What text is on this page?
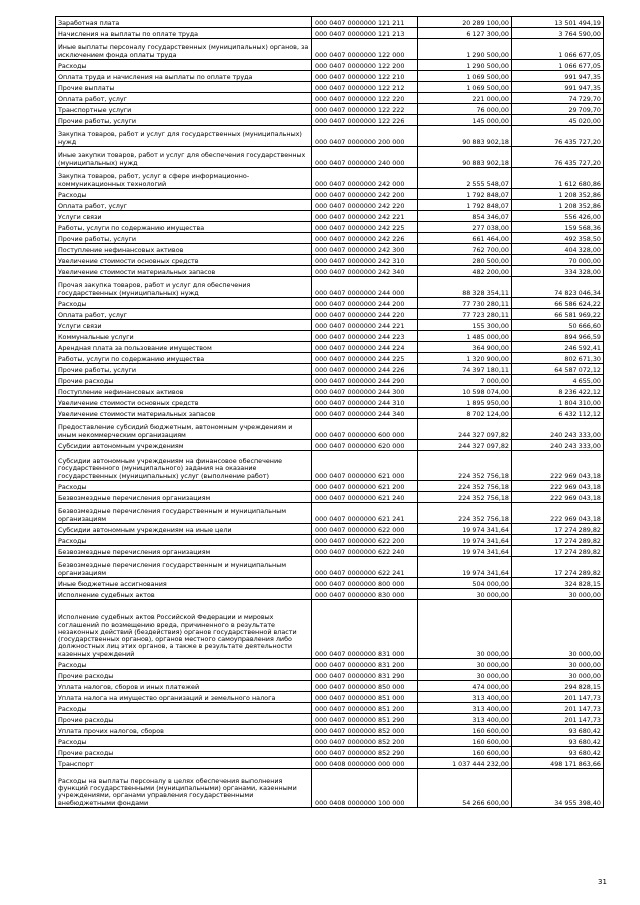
Заработная плата	000 0407 0000000 121 211	20 289 100,00	13 501 494,19
Начисления на выплаты по оплате труда	000 0407 0000000 121 213	6 127 300,00	3 764 590,00
Иные выплаты персоналу государственных (муниципальных) органов, за исключением фонда оплаты труда	000 0407 0000000 122 000	1 290 500,00	1 066 677,05
Расходы	000 0407 0000000 122 200	1 290 500,00	1 066 677,05
Оплата труда и начисления на выплаты по оплате труда	000 0407 0000000 122 210	1 069 500,00	991 947,35
Прочие выплаты	000 0407 0000000 122 212	1 069 500,00	991 947,35
Оплата работ, услуг	000 0407 0000000 122 220	221 000,00	74 729,70
Транспортные услуги	000 0407 0000000 122 222	76 000,00	29 709,70
Прочие работы, услуги	000 0407 0000000 122 226	145 000,00	45 020,00
Закупка товаров, работ и услуг для государственных (муниципальных) нужд	000 0407 0000000 200 000	90 883 902,18	76 435 727,20
Иные закупки товаров, работ и услуг для обеспечения государственных (муниципальных) нужд	000 0407 0000000 240 000	90 883 902,18	76 435 727,20
Закупка товаров, работ, услуг в сфере информационно-коммуникационных технологий	000 0407 0000000 242 000	2 555 548,07	1 612 680,86
Расходы	000 0407 0000000 242 200	1 792 848,07	1 208 352,86
Оплата работ, услуг	000 0407 0000000 242 220	1 792 848,07	1 208 352,86
Услуги связи	000 0407 0000000 242 221	854 346,07	556 426,00
Работы, услуги по содержанию имущества	000 0407 0000000 242 225	277 038,00	159 568,36
Прочие работы, услуги	000 0407 0000000 242 226	661 464,00	492 358,50
Поступление нефинансовых активов	000 0407 0000000 242 300	762 700,00	404 328,00
Увеличение стоимости основных средств	000 0407 0000000 242 310	280 500,00	70 000,00
Увеличение стоимости материальных запасов	000 0407 0000000 242 340	482 200,00	334 328,00
Прочая закупка товаров, работ и услуг для обеспечения государственных (муниципальных) нужд	000 0407 0000000 244 000	88 328 354,11	74 823 046,34
Расходы	000 0407 0000000 244 200	77 730 280,11	66 586 624,22
Оплата работ, услуг	000 0407 0000000 244 220	77 723 280,11	66 581 969,22
Услуги связи	000 0407 0000000 244 221	155 300,00	50 666,60
Коммунальные услуги	000 0407 0000000 244 223	1 485 000,00	894 966,59
Арендная плата за пользование имуществом	000 0407 0000000 244 224	364 900,00	246 592,41
Работы, услуги по содержанию имущества	000 0407 0000000 244 225	1 320 900,00	802 671,30
Прочие работы, услуги	000 0407 0000000 244 226	74 397 180,11	64 587 072,12
Прочие расходы	000 0407 0000000 244 290	7 000,00	4 655,00
Поступление нефинансовых активов	000 0407 0000000 244 300	10 598 074,00	8 236 422,12
Увеличение стоимости основных средств	000 0407 0000000 244 310	1 895 950,00	1 804 310,00
Увеличение стоимости материальных запасов	000 0407 0000000 244 340	8 702 124,00	6 432 112,12
Предоставление субсидий бюджетным, автономным учреждениям и иным некоммерческим организациям	000 0407 0000000 600 000	244 327 097,82	240 243 333,00
Субсидии автономным учреждениям	000 0407 0000000 620 000	244 327 097,82	240 243 333,00
Субсидии автономным учреждениям на финансовое обеспечение государственного (муниципального) задания на оказание государственных (муниципальных) услуг (выполнение работ)	000 0407 0000000 621 000	224 352 756,18	222 969 043,18
Расходы	000 0407 0000000 621 200	224 352 756,18	222 969 043,18
Безвозмездные перечисления организациям	000 0407 0000000 621 240	224 352 756,18	222 969 043,18
Безвозмездные перечисления государственным и муниципальным организациям	000 0407 0000000 621 241	224 352 756,18	222 969 043,18
Субсидии автономным учреждениям на иные цели	000 0407 0000000 622 000	19 974 341,64	17 274 289,82
Расходы	000 0407 0000000 622 200	19 974 341,64	17 274 289,82
Безвозмездные перечисления организациям	000 0407 0000000 622 240	19 974 341,64	17 274 289,82
Безвозмездные перечисления государственным и муниципальным организациям	000 0407 0000000 622 241	19 974 341,64	17 274 289,82
Иные бюджетные ассигнования	000 0407 0000000 800 000	504 000,00	324 828,15
Исполнение судебных актов	000 0407 0000000 830 000	30 000,00	30 000,00
Исполнение судебных актов Российской Федерации и мировых соглашений по возмещению вреда, причиненного в результате незаконных действий (бездействия) органов государственной власти (государственных органов), органов местного самоуправления либо должностных лиц этих органов, а также в результате деятельности казенных учреждений	000 0407 0000000 831 000	30 000,00	30 000,00
Расходы	000 0407 0000000 831 200	30 000,00	30 000,00
Прочие расходы	000 0407 0000000 831 290	30 000,00	30 000,00
Уплата налогов, сборов и иных платежей	000 0407 0000000 850 000	474 000,00	294 828,15
Уплата налога на имущество организаций и земельного налога	000 0407 0000000 851 000	313 400,00	201 147,73
Расходы	000 0407 0000000 851 200	313 400,00	201 147,73
Прочие расходы	000 0407 0000000 851 290	313 400,00	201 147,73
Уплата прочих налогов, сборов	000 0407 0000000 852 000	160 600,00	93 680,42
Расходы	000 0407 0000000 852 200	160 600,00	93 680,42
Прочие расходы	000 0407 0000000 852 290	160 600,00	93 680,42
Транспорт	000 0408 0000000 000 000	1 037 444 232,00	498 171 863,66
Расходы на выплаты персоналу в целях обеспечения выполнения функций государственными (муниципальными) органами, казенными учреждениями, органами управления государственными внебюджетными фондами	000 0408 0000000 100 000	54 266 600,00	34 955 398,40
31
